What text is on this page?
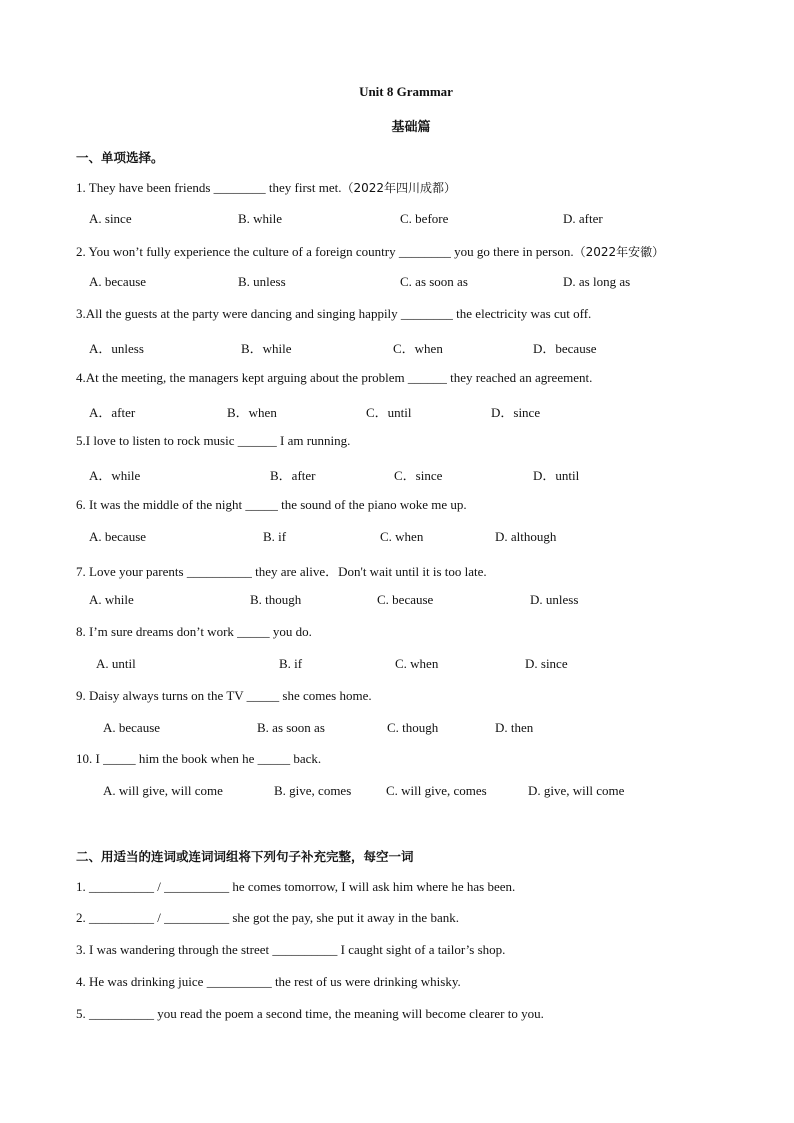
Unit 8 Grammar
基础篇
一、单项选择。
1. They have been friends ________ they first met.（2022年四川成都）
A. since	B. while	C. before	D. after
2. You won’t fully experience the culture of a foreign country ________ you go there in person.（2022年安徽）
A. because	B. unless	C. as soon as	D. as long as
3.All the guests at the party were dancing and singing happily ________ the electricity was cut off.
A．unless	B．while	C．when	D．because
4.At the meeting, the managers kept arguing about the problem ______ they reached an agreement.
A．after	B．when	C．until	D．since
5.I love to listen to rock music ______ I am running.
A．while	B．after	C．since	D．until
6. It was the middle of the night _____ the sound of the piano woke me up.
A. because	B. if	C. when	D. although
7. Love your parents __________ they are alive．Don't wait until it is too late.
A. while	B. though	C. because	D. unless
8. I’m sure dreams don’t work _____ you do.
A. until	B. if	C. when	D. since
9. Daisy always turns on the TV _____ she comes home.
A. because	B. as soon as	C. though	D. then
10. I _____ him the book when he _____ back.
A. will give, will come	B. give, comes	C. will give, comes	D. give, will come
二、用适当的连词或连词词组将下列句子补充完整，每空一词
1. __________ / __________ he comes tomorrow, I will ask him where he has been.
2. __________ / __________ she got the pay, she put it away in the bank.
3. I was wandering through the street __________ I caught sight of a tailor’s shop.
4. He was drinking juice __________ the rest of us were drinking whisky.
5. __________ you read the poem a second time, the meaning will become clearer to you.
